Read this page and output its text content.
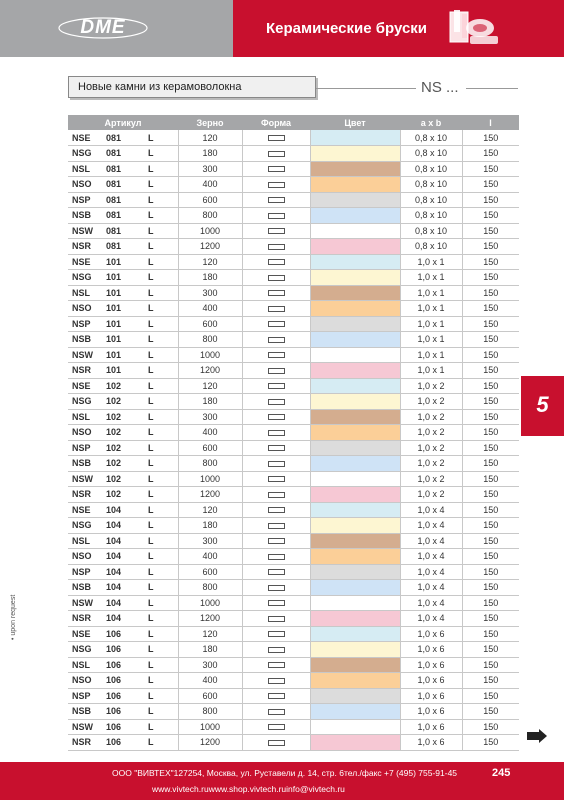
DME	Керамические бруски
Новые камни из керамоволокна	NS ...
Артикул			Зерно	Форма	Цвет	a x b	l
NSE	081	L	120			0,8 x 10	150
NSG	081	L	180			0,8 x 10	150
NSL	081	L	300			0,8 x 10	150
NSO	081	L	400			0,8 x 10	150
NSP	081	L	600			0,8 x 10	150
NSB	081	L	800			0,8 x 10	150
NSW	081	L	1000			0,8 x 10	150
NSR	081	L	1200			0,8 x 10	150
NSE	101	L	120			1,0 x 1	150
NSG	101	L	180			1,0 x 1	150
NSL	101	L	300			1,0 x 1	150
NSO	101	L	400			1,0 x 1	150
NSP	101	L	600			1,0 x 1	150
NSB	101	L	800			1,0 x 1	150
NSW	101	L	1000			1,0 x 1	150
NSR	101	L	1200			1,0 x 1	150
NSE	102	L	120			1,0 x 2	150
NSG	102	L	180			1,0 x 2	150
NSL	102	L	300			1,0 x 2	150
NSO	102	L	400			1,0 x 2	150
NSP	102	L	600			1,0 x 2	150
NSB	102	L	800			1,0 x 2	150
NSW	102	L	1000			1,0 x 2	150
NSR	102	L	1200			1,0 x 2	150
NSE	104	L	120			1,0 x 4	150
NSG	104	L	180			1,0 x 4	150
NSL	104	L	300			1,0 x 4	150
NSO	104	L	400			1,0 x 4	150
NSP	104	L	600			1,0 x 4	150
NSB	104	L	800			1,0 x 4	150
NSW	104	L	1000			1,0 x 4	150
NSR	104	L	1200			1,0 x 4	150
NSE	106	L	120			1,0 x 6	150
NSG	106	L	180			1,0 x 6	150
NSL	106	L	300			1,0 x 6	150
NSO	106	L	400			1,0 x 6	150
NSP	106	L	600			1,0 x 6	150
NSB	106	L	800			1,0 x 6	150
NSW	106	L	1000			1,0 x 6	150
NSR	106	L	1200			1,0 x 6	150
5
• upon request
ООО "ВИВТЕХ"127254, Москва, ул. Руставели д. 14, стр. 6тел./факс +7 (495) 755-91-45
www.vivtech.ruwww.shop.vivtech.ruinfo@vivtech.ru
245
